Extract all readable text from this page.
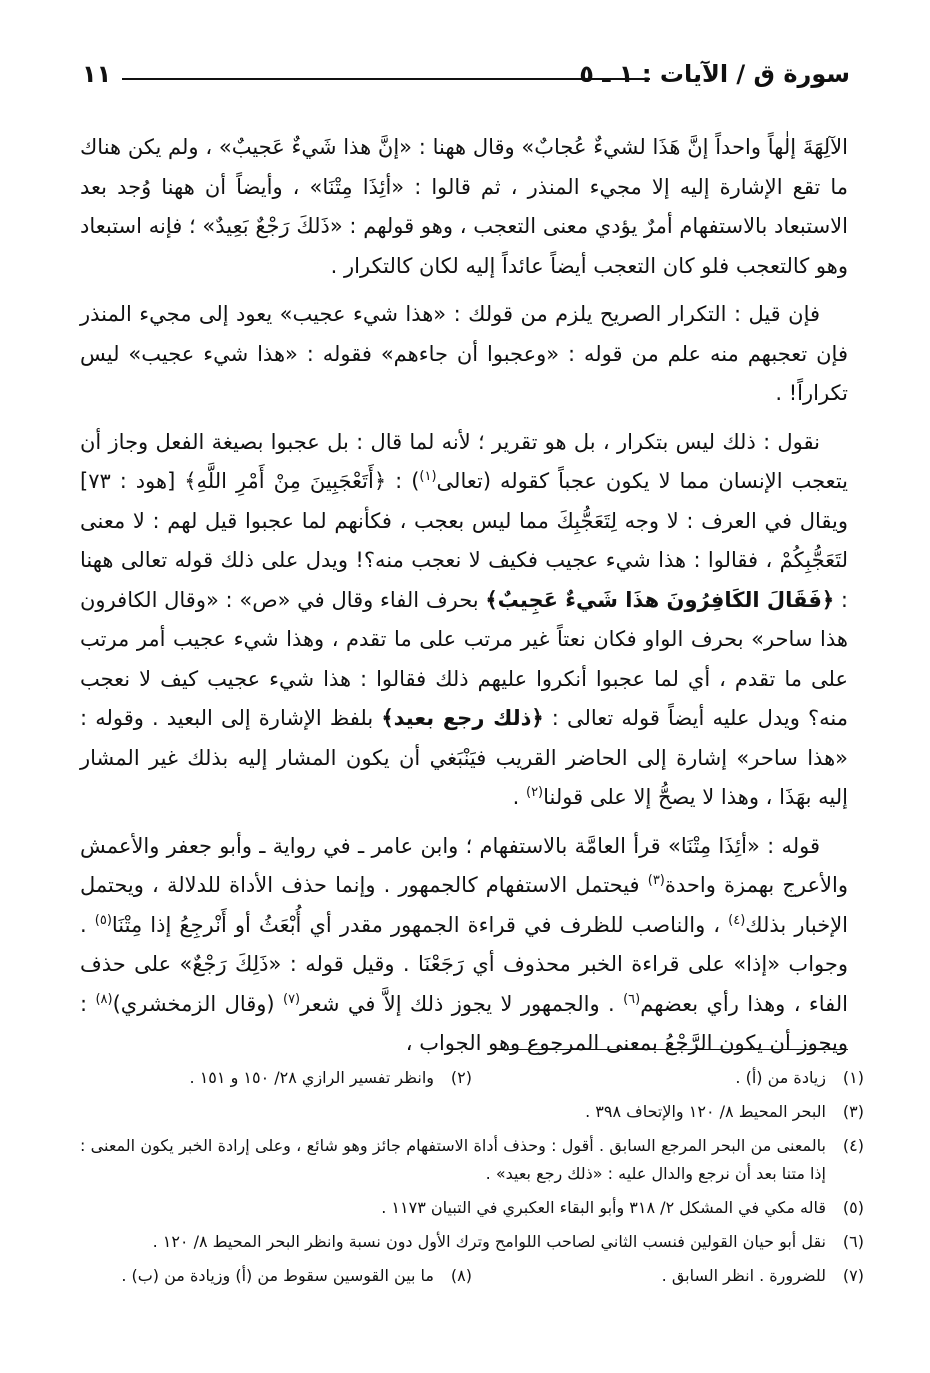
سورة ق / الآيات : ١ ـ ٥
١١

الآلِهَةَ إلٰهاً واحداً إنَّ هَذَا لشيءٌ عُجابٌ» وقال ههنا : «إنَّ هذا شَيءٌ عَجيبٌ» ، ولم يكن هناك ما تقع الإشارة إليه إلا مجيء المنذر ، ثم قالوا : «أئِذَا مِتْنَا» ، وأيضاً أن ههنا وُجد بعد الاستبعاد بالاستفهام أمرٌ يؤدي معنى التعجب ، وهو قولهم : «ذَلكَ رَجْعٌ بَعِيدٌ» ؛ فإنه استبعاد وهو كالتعجب فلو كان التعجب أيضاً عائداً إليه لكان كالتكرار .

فإن قيل : التكرار الصريح يلزم من قولك : «هذا شيء عجيب» يعود إلى مجيء المنذر فإن تعجبهم منه علم من قوله : «وعجبوا أن جاءهم» فقوله : «هذا شيء عجيب» ليس تكراراً! .

نقول : ذلك ليس بتكرار ، بل هو تقرير ؛ لأنه لما قال : بل عجبوا بصيغة الفعل وجاز أن يتعجب الإنسان مما لا يكون عجباً كقوله (تعالى$^{(١)}$) : ﴿أَتَعْجَبِينَ مِنْ أَمْرِ اللَّهِ﴾ [هود : ٧٣] ويقال في العرف : لا وجه لِتَعَجُّبِكَ مما ليس بعجب ، فكأنهم لما عجبوا قيل لهم : لا معنى لتَعَجُّبِكُمْ ، فقالوا : هذا شيء عجيب فكيف لا نعجب منه؟! ويدل على ذلك قوله تعالى ههنا : ﴿فَقَالَ الكَافِرُونَ هذَا شَيءٌ عَجِيبٌ﴾ بحرف الفاء وقال في «ص» : «وقال الكافرون هذا ساحر» بحرف الواو فكان نعتاً غير مرتب على ما تقدم ، وهذا شيء عجيب أمر مرتب على ما تقدم ، أي لما عجبوا أنكروا عليهم ذلك فقالوا : هذا شيء عجيب كيف لا نعجب منه؟ ويدل عليه أيضاً قوله تعالى : ﴿ذلك رجع بعيد﴾ بلفظ الإشارة إلى البعيد . وقوله : «هذا ساحر» إشارة إلى الحاضر القريب فيَنْبَغي أن يكون المشار إليه بذلك غير المشار إليه بهَذَا ، وهذا لا يصحُّ إلا على قولنا$^{(٢)}$ .

قوله : «أئِذَا مِتْنَا» قرأ العامَّة بالاستفهام ؛ وابن عامر ـ في رواية ـ وأبو جعفر والأعمش والأعرج بهمزة واحدة$^{(٣)}$ فيحتمل الاستفهام كالجمهور . وإنما حذف الأداة للدلالة ، ويحتمل الإخبار بذلك$^{(٤)}$ ، والناصب للظرف في قراءة الجمهور مقدر أي أُبْعَثُ أو أَنْرجِعُ إذا مِتْنَا$^{(٥)}$ . وجواب «إذا» على قراءة الخبر محذوف أي رَجَعْنَا . وقيل قوله : «ذَلِكَ رَجْعٌ» على حذف الفاء ، وهذا رأي بعضهم$^{(٦)}$ . والجمهور لا يجوز ذلك إلاَّ في شعر$^{(٧)}$ (وقال الزمخشري)$^{(٨)}$ : ويجوز أن يكون الرَّجْعُ بمعنى المرجوع وهو الجواب ،

(١)
زيادة من (أ) .
(٢)
وانظر تفسير الرازي ٢٨/ ١٥٠ و ١٥١ .
(٣)
البحر المحيط ٨/ ١٢٠ والإتحاف ٣٩٨ .
(٤)
بالمعنى من البحر المرجع السابق . أقول : وحذف أداة الاستفهام جائز وهو شائع ، وعلى إرادة الخبر يكون المعنى : إذا متنا بعد أن نرجع والدال عليه : «ذلك رجع بعيد» .
(٥)
قاله مكي في المشكل ٢/ ٣١٨ وأبو البقاء العكبري في التبيان ١١٧٣ .
(٦)
نقل أبو حيان القولين فنسب الثاني لصاحب اللوامح وترك الأول دون نسبة وانظر البحر المحيط ٨/ ١٢٠ .
(٧)
للضرورة . انظر السابق .
(٨)
ما بين القوسين سقوط من (أ) وزيادة من (ب) .
